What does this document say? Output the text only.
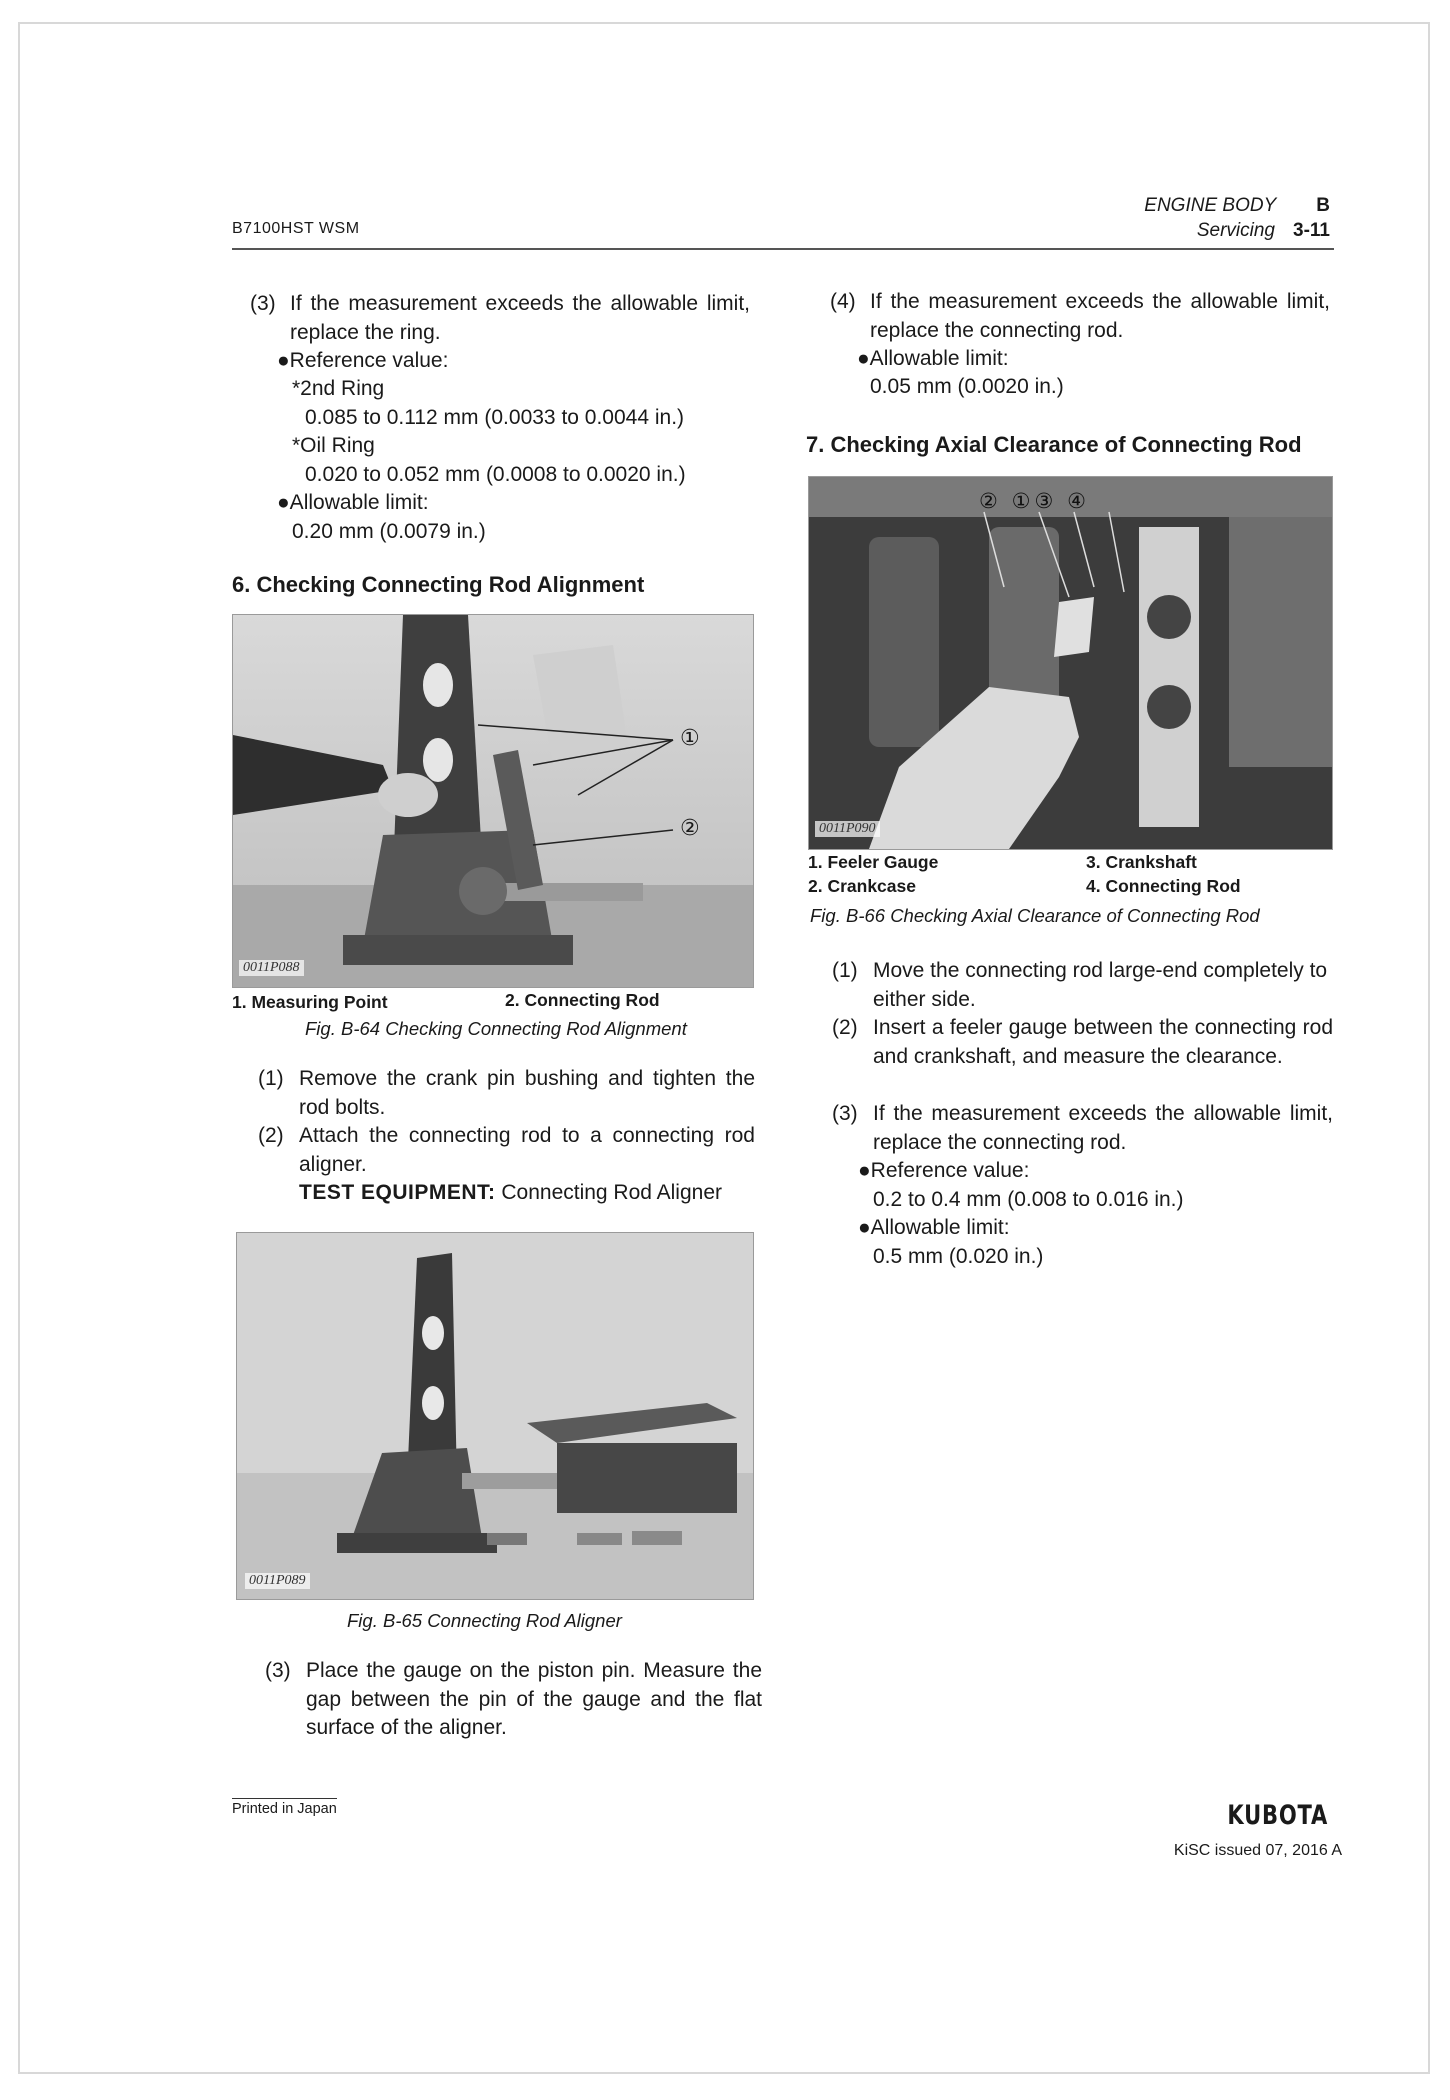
B7100HST WSM
ENGINE BODY B
Servicing 3-11
(3) If the measurement exceeds the allowable limit, replace the ring.
●Reference value:
*2nd Ring
0.085 to 0.112 mm (0.0033 to 0.0044 in.)
*Oil Ring
0.020 to 0.052 mm (0.0008 to 0.0020 in.)
●Allowable limit:
0.20 mm (0.0079 in.)
6. Checking Connecting Rod Alignment
①
②
0011P088
1. Measuring Point	2. Connecting Rod
Fig. B-64 Checking Connecting Rod Alignment
(1) Remove the crank pin bushing and tighten the rod bolts.
(2) Attach the connecting rod to a connecting rod aligner.
TEST EQUIPMENT: Connecting Rod Aligner
0011P089
Fig. B-65 Connecting Rod Aligner
(3) Place the gauge on the piston pin. Measure the gap between the pin of the gauge and the flat surface of the aligner.
(4) If the measurement exceeds the allowable limit, replace the connecting rod.
●Allowable limit:
0.05 mm (0.0020 in.)
7. Checking Axial Clearance of Connecting Rod
② ①③ ④
0011P090
1. Feeler Gauge
2. Crankcase
3. Crankshaft
4. Connecting Rod
Fig. B-66 Checking Axial Clearance of Connecting Rod
(1) Move the connecting rod large-end completely to either side.
(2) Insert a feeler gauge between the connecting rod and crankshaft, and measure the clearance.
(3) If the measurement exceeds the allowable limit, replace the connecting rod.
●Reference value:
0.2 to 0.4 mm (0.008 to 0.016 in.)
●Allowable limit:
0.5 mm (0.020 in.)
Printed in Japan	KUBOTA
KiSC issued 07, 2016 A
